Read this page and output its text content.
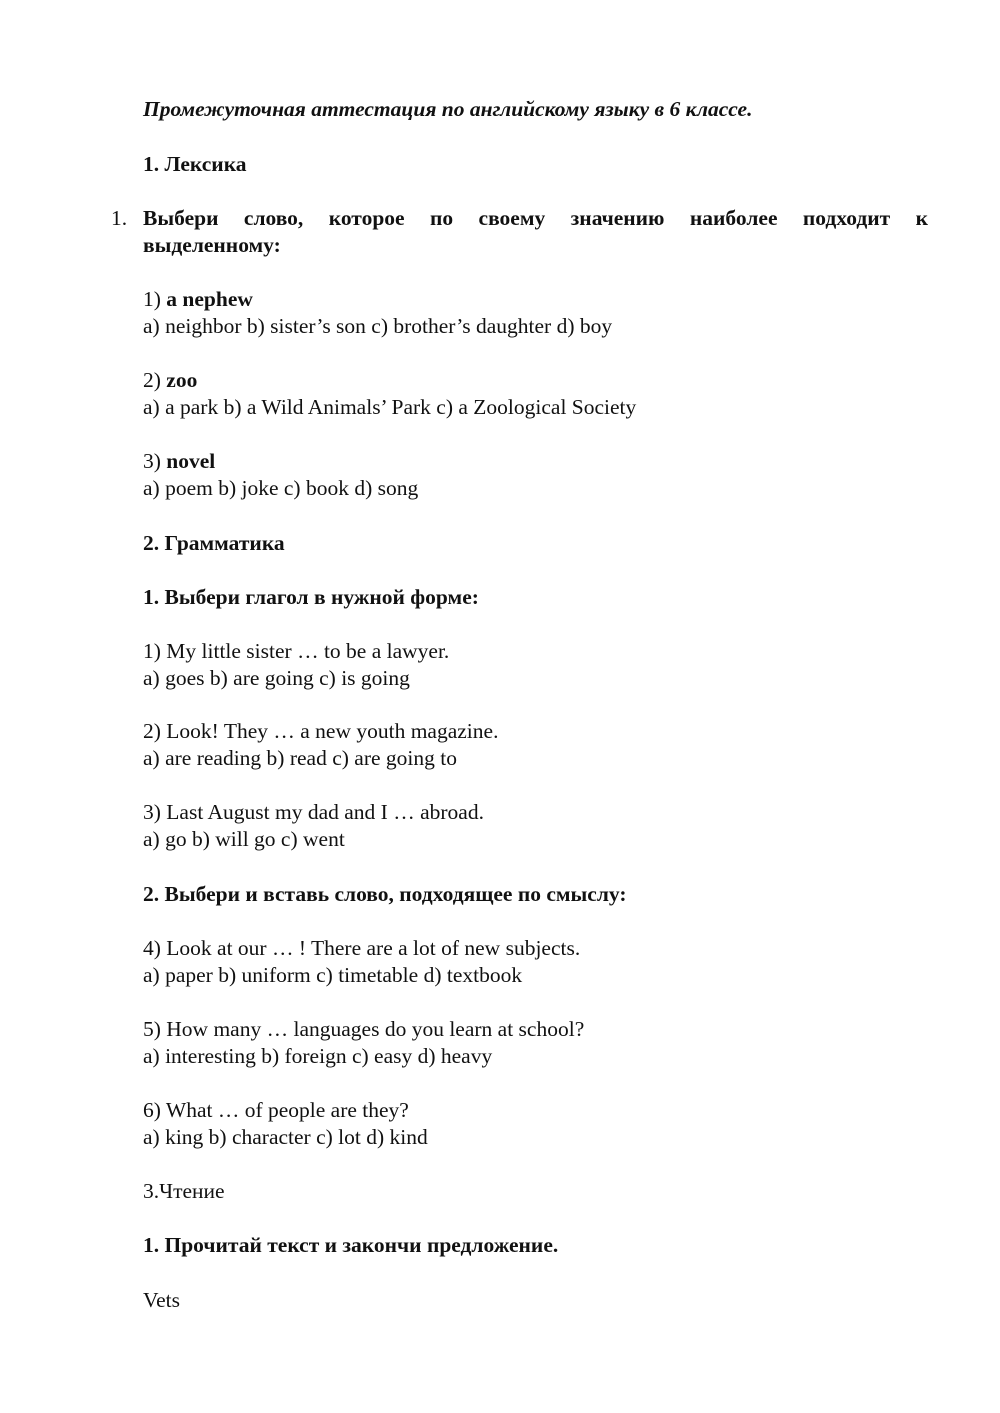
Промежуточная аттестация по английскому языку в 6 классе.
1. Лексика
1. Выбери слово, которое по своему значению наиболее подходит к
выделенному:
1) a nephew
a) neighbor b) sister’s son c) brother’s daughter d) boy
2) zoo
a) a park b) a Wild Animals’ Park c) a Zoological Society
3) novel
a) poem b) joke c) book d) song
2. Грамматика
1. Выбери глагол в нужной форме:
1) My little sister … to be a lawyer.
a) goes b) are going c) is going
2) Look! They … a new youth magazine.
a) are reading b) read c) are going to
3) Last August my dad and I … abroad.
a) go b) will go c) went
2. Выбери и вставь слово, подходящее по смыслу:
4) Look at our … ! There are a lot of new subjects.
a) paper b) uniform c) timetable d) textbook
5) How many … languages do you learn at school?
a) interesting b) foreign c) easy d) heavy
6) What … of people are they?
a) king b) character c) lot d) kind
3.Чтение
1. Прочитай текст и закончи предложение.
Vets
